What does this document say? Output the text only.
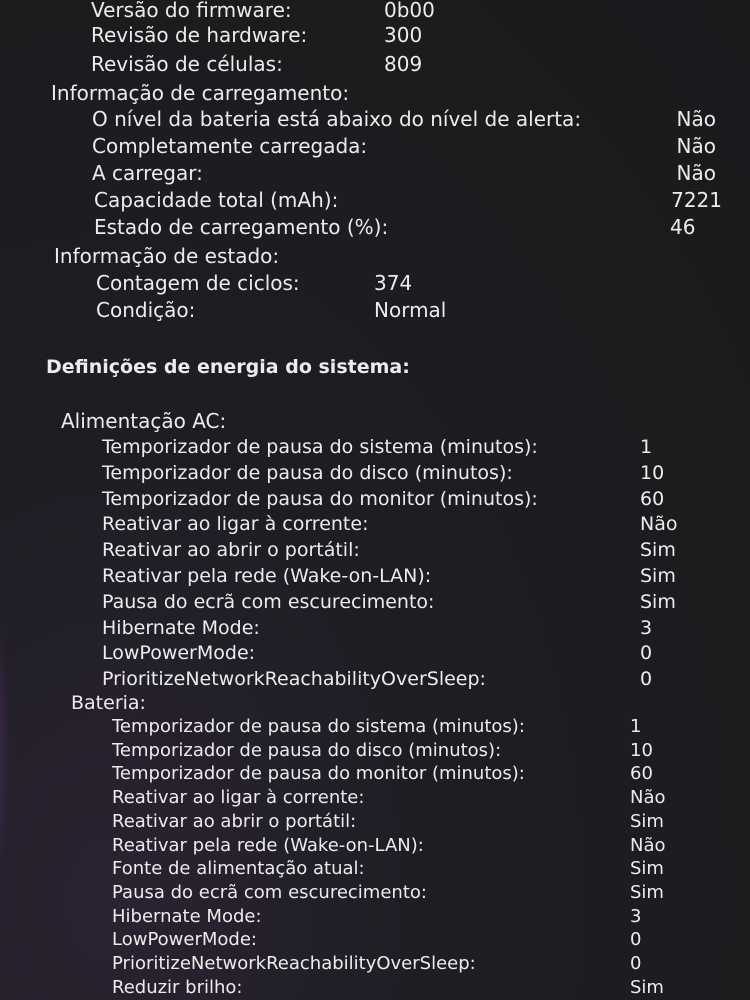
Versão do firmware:	0b00
Revisão de hardware:	300
Revisão de células:	809
Informação de carregamento:
O nível da bateria está abaixo do nível de alerta:	Não
Completamente carregada:	Não
A carregar:	Não
Capacidade total (mAh):	7221
Estado de carregamento (%):	46
Informação de estado:
Contagem de ciclos:	374
Condição:	Normal
Definições de energia do sistema:
Alimentação AC:
Temporizador de pausa do sistema (minutos):	1
Temporizador de pausa do disco (minutos):	10
Temporizador de pausa do monitor (minutos):	60
Reativar ao ligar à corrente:	Não
Reativar ao abrir o portátil:	Sim
Reativar pela rede (Wake-on-LAN):	Sim
Pausa do ecrã com escurecimento:	Sim
Hibernate Mode:	3
LowPowerMode:	0
PrioritizeNetworkReachabilityOverSleep:	0
Bateria:
Temporizador de pausa do sistema (minutos):	1
Temporizador de pausa do disco (minutos):	10
Temporizador de pausa do monitor (minutos):	60
Reativar ao ligar à corrente:	Não
Reativar ao abrir o portátil:	Sim
Reativar pela rede (Wake-on-LAN):	Não
Fonte de alimentação atual:	Sim
Pausa do ecrã com escurecimento:	Sim
Hibernate Mode:	3
LowPowerMode:	0
PrioritizeNetworkReachabilityOverSleep:	0
Reduzir brilho:	Sim
